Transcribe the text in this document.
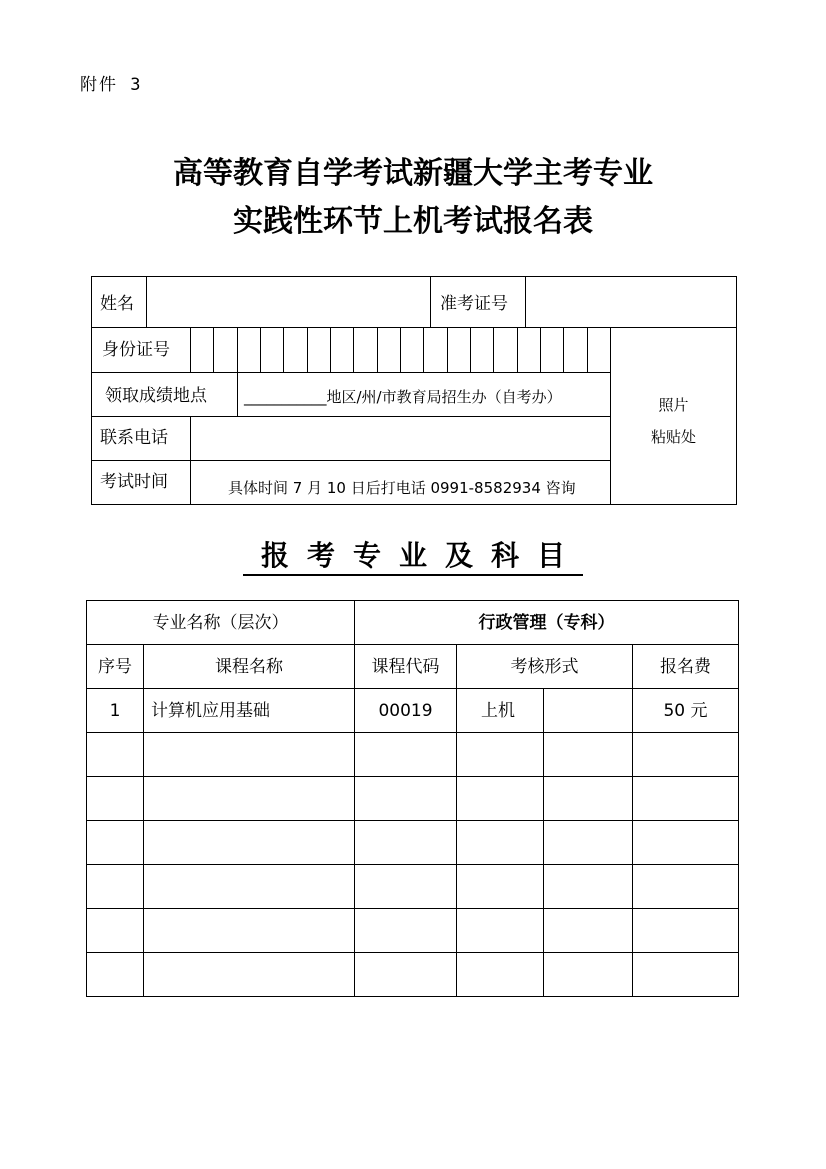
附件 3
高等教育自学考试新疆大学主考专业
实践性环节上机考试报名表
姓名	准考证号
身份证号
领取成绩地点 ___________地区/州/市教育局招生办（自考办）
联系电话
考试时间	具体时间 7 月 10 日后打电话 0991-8582934 咨询
照片
粘贴处
报考专业及科目
专业名称（层次）	行政管理（专科）
序号	课程名称	课程代码	考核形式	报名费
1	计算机应用基础	00019	上机	50 元
